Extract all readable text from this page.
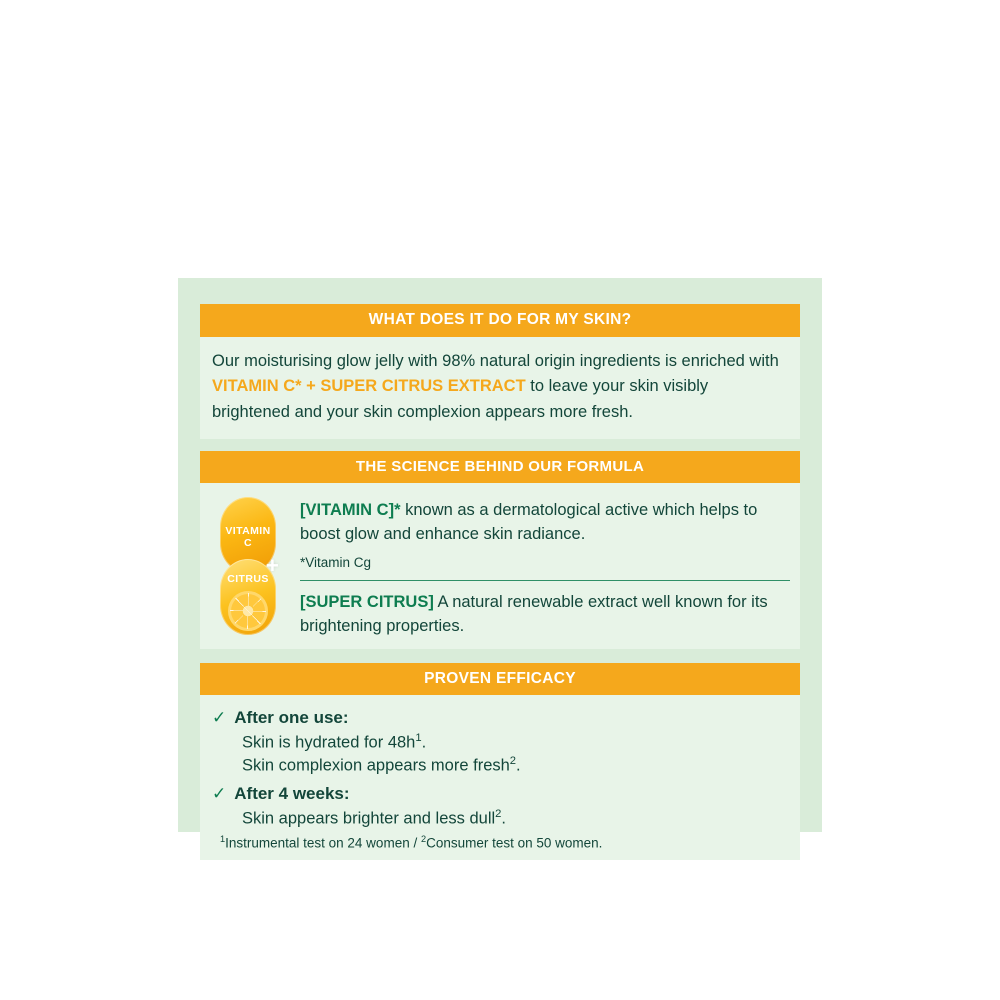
WHAT DOES IT DO FOR MY SKIN?
Our moisturising glow jelly with 98% natural origin ingredients is enriched with VITAMIN C* + SUPER CITRUS EXTRACT to leave your skin visibly brightened and your skin complexion appears more fresh.
THE SCIENCE BEHIND OUR FORMULA
VITAMIN C
CITRUS
+
[VITAMIN C]* known as a dermatological active which helps to boost glow and enhance skin radiance.
*Vitamin Cg
[SUPER CITRUS] A natural renewable extract well known for its brightening properties.
PROVEN EFFICACY
✓ After one use:
Skin is hydrated for $48h^1$.
Skin complexion appears more fresh$^2$.
✓ After 4 weeks:
Skin appears brighter and less dull$^2$.
$^1$Instrumental test on 24 women / $^2$Consumer test on 50 women.
